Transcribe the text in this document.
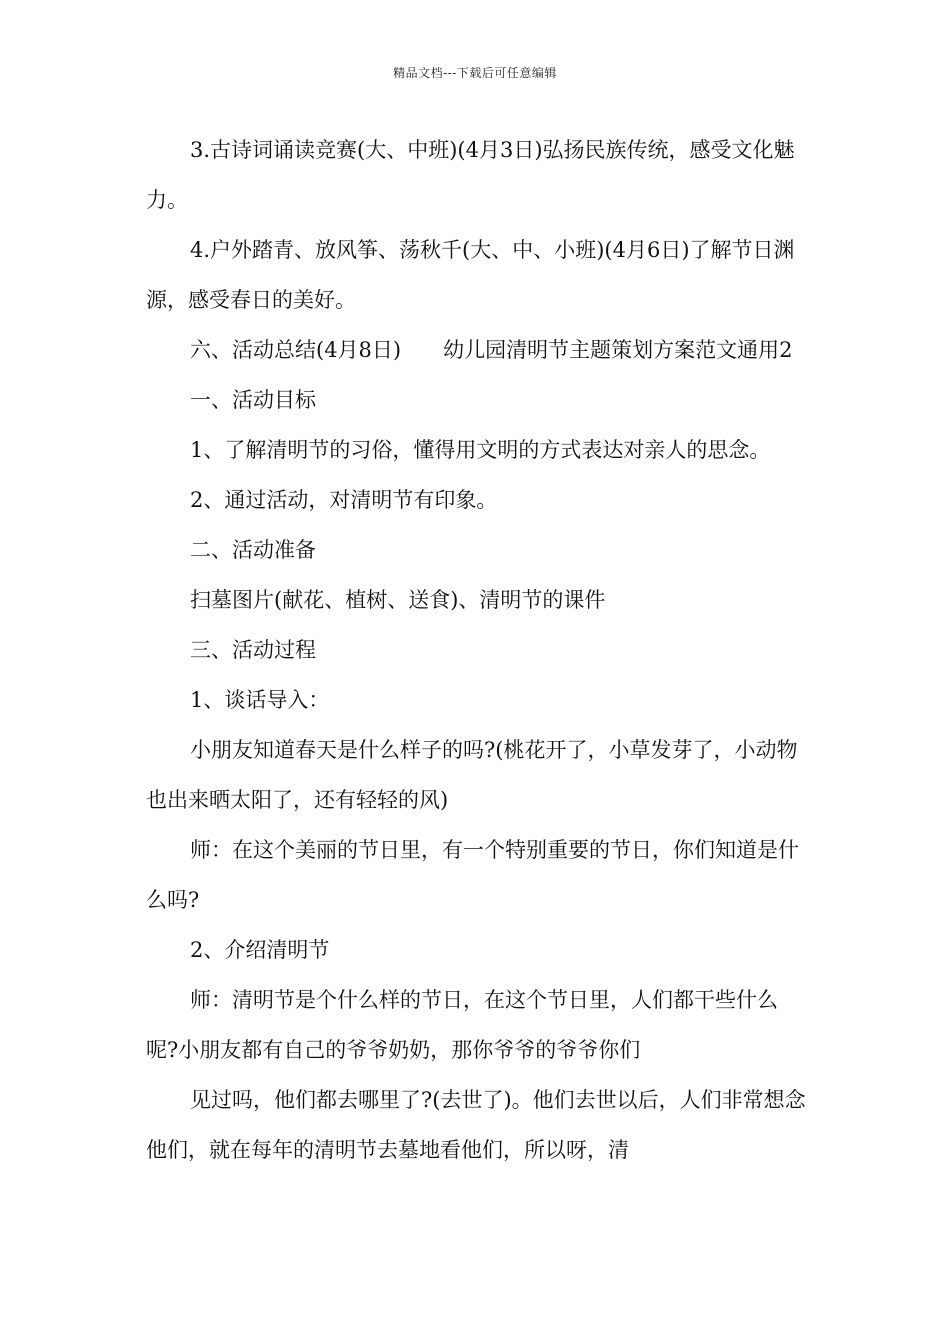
精品文档---下载后可任意编辑

3.古诗词诵读竞赛(大、中班)(4月3日)弘扬民族传统，感受文化魅力。

4.户外踏青、放风筝、荡秋千(大、中、小班)(4月6日)了解节日渊源，感受春日的美好。

六、活动总结(4月8日)　　幼儿园清明节主题策划方案范文通用2

一、活动目标

1、了解清明节的习俗，懂得用文明的方式表达对亲人的思念。

2、通过活动，对清明节有印象。

二、活动准备

扫墓图片(献花、植树、送食)、清明节的课件

三、活动过程

1、谈话导入：

小朋友知道春天是什么样子的吗?(桃花开了，小草发芽了，小动物也出来晒太阳了，还有轻轻的风)

师：在这个美丽的节日里，有一个特别重要的节日，你们知道是什么吗?

2、介绍清明节

师：清明节是个什么样的节日，在这个节日里，人们都干些什么呢?小朋友都有自己的爷爷奶奶，那你爷爷的爷爷你们

见过吗，他们都去哪里了?(去世了)。他们去世以后，人们非常想念他们，就在每年的清明节去墓地看他们，所以呀，清
